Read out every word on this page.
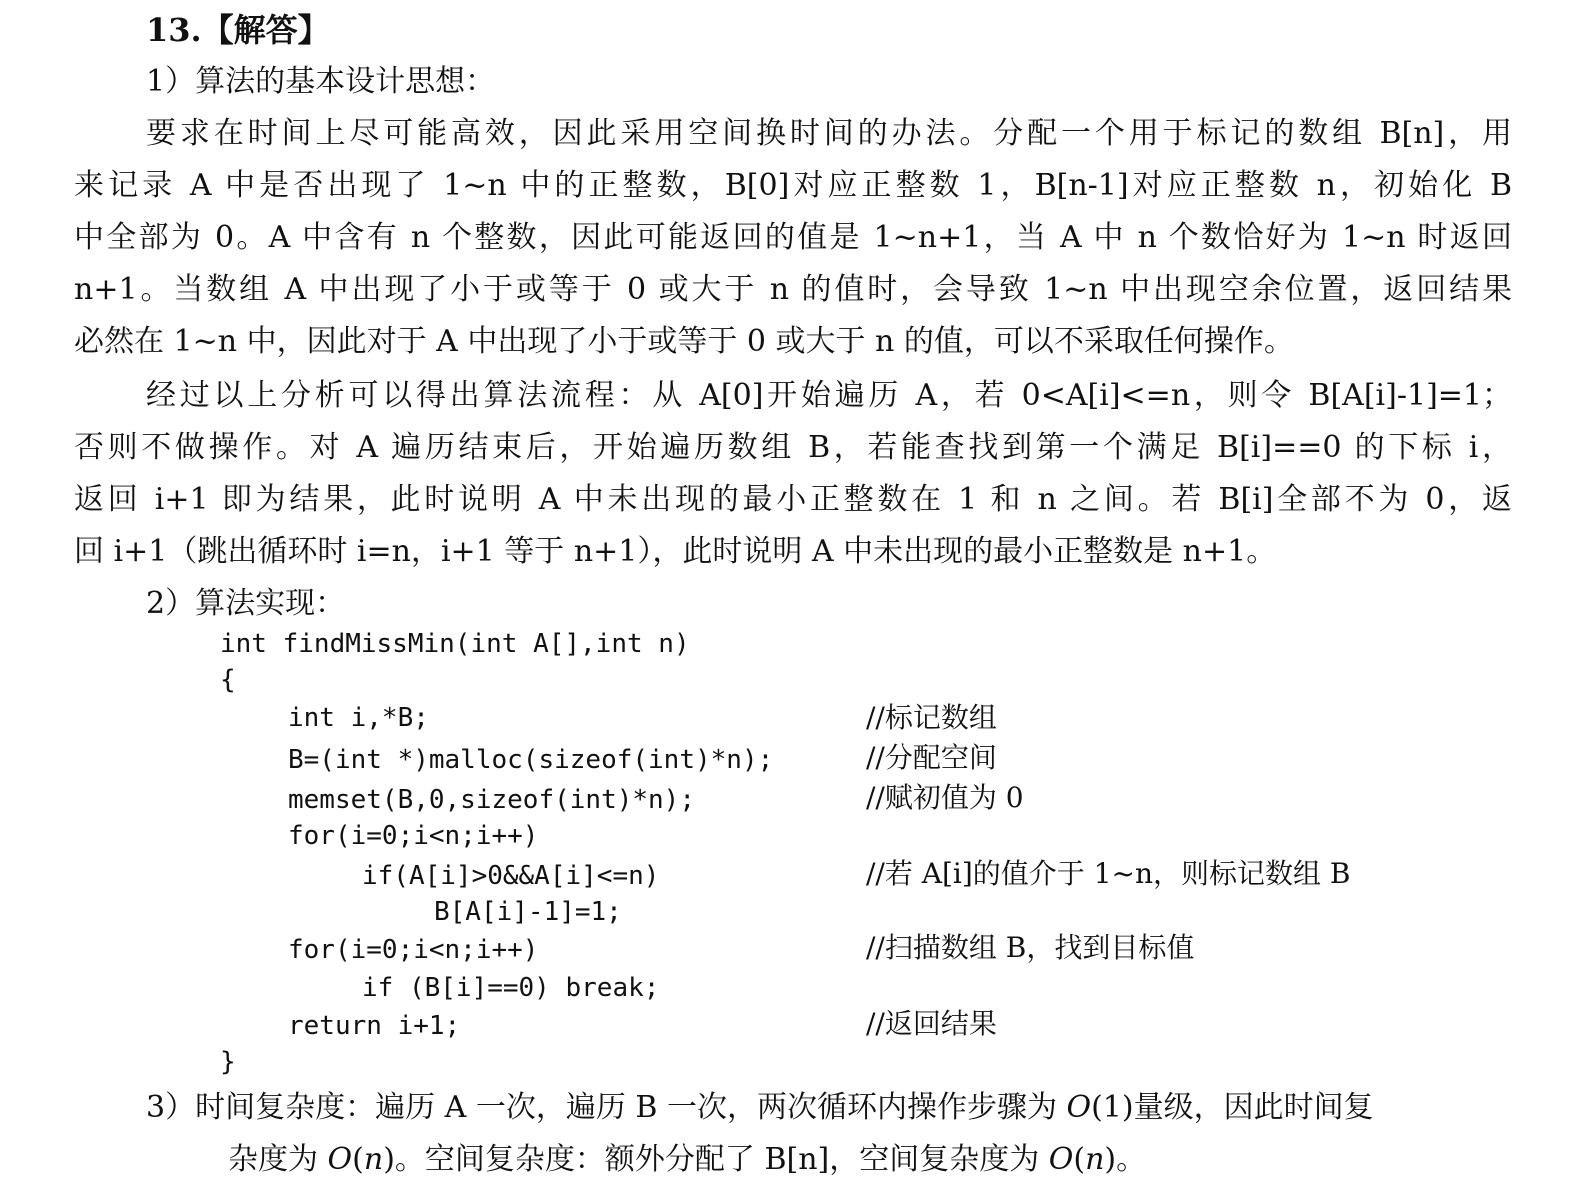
13.【解答】
1）算法的基本设计思想：
要求在时间上尽可能高效，因此采用空间换时间的办法。分配一个用于标记的数组 B[n]，用
来记录 A 中是否出现了 1~n 中的正整数，B[0]对应正整数 1，B[n-1]对应正整数 n，初始化 B
中全部为 0。A 中含有 n 个整数，因此可能返回的值是 1~n+1，当 A 中 n 个数恰好为 1~n 时返回
n+1。当数组 A 中出现了小于或等于 0 或大于 n 的值时，会导致 1~n 中出现空余位置，返回结果
必然在 1~n 中，因此对于 A 中出现了小于或等于 0 或大于 n 的值，可以不采取任何操作。
经过以上分析可以得出算法流程：从 A[0]开始遍历 A，若 0<A[i]<=n，则令 B[A[i]-1]=1；
否则不做操作。对 A 遍历结束后，开始遍历数组 B，若能查找到第一个满足 B[i]==0 的下标 i，
返回 i+1 即为结果，此时说明 A 中未出现的最小正整数在 1 和 n 之间。若 B[i]全部不为 0，返
回 i+1（跳出循环时 i=n，i+1 等于 n+1），此时说明 A 中未出现的最小正整数是 n+1。
2）算法实现：
int findMissMin(int A[],int n)
{
int i,*B;
B=(int *)malloc(sizeof(int)*n);
memset(B,0,sizeof(int)*n);
for(i=0;i<n;i++)
if(A[i]>0&&A[i]<=n)
B[A[i]-1]=1;
for(i=0;i<n;i++)
if (B[i]==0) break;
return i+1;
}
//标记数组
//分配空间
//赋初值为 0
//若 A[i]的值介于 1~n，则标记数组 B
//扫描数组 B，找到目标值
//返回结果
3）时间复杂度：遍历 A 一次，遍历 B 一次，两次循环内操作步骤为 O(1)量级，因此时间复
杂度为 O(n)。空间复杂度：额外分配了 B[n]，空间复杂度为 O(n)。
